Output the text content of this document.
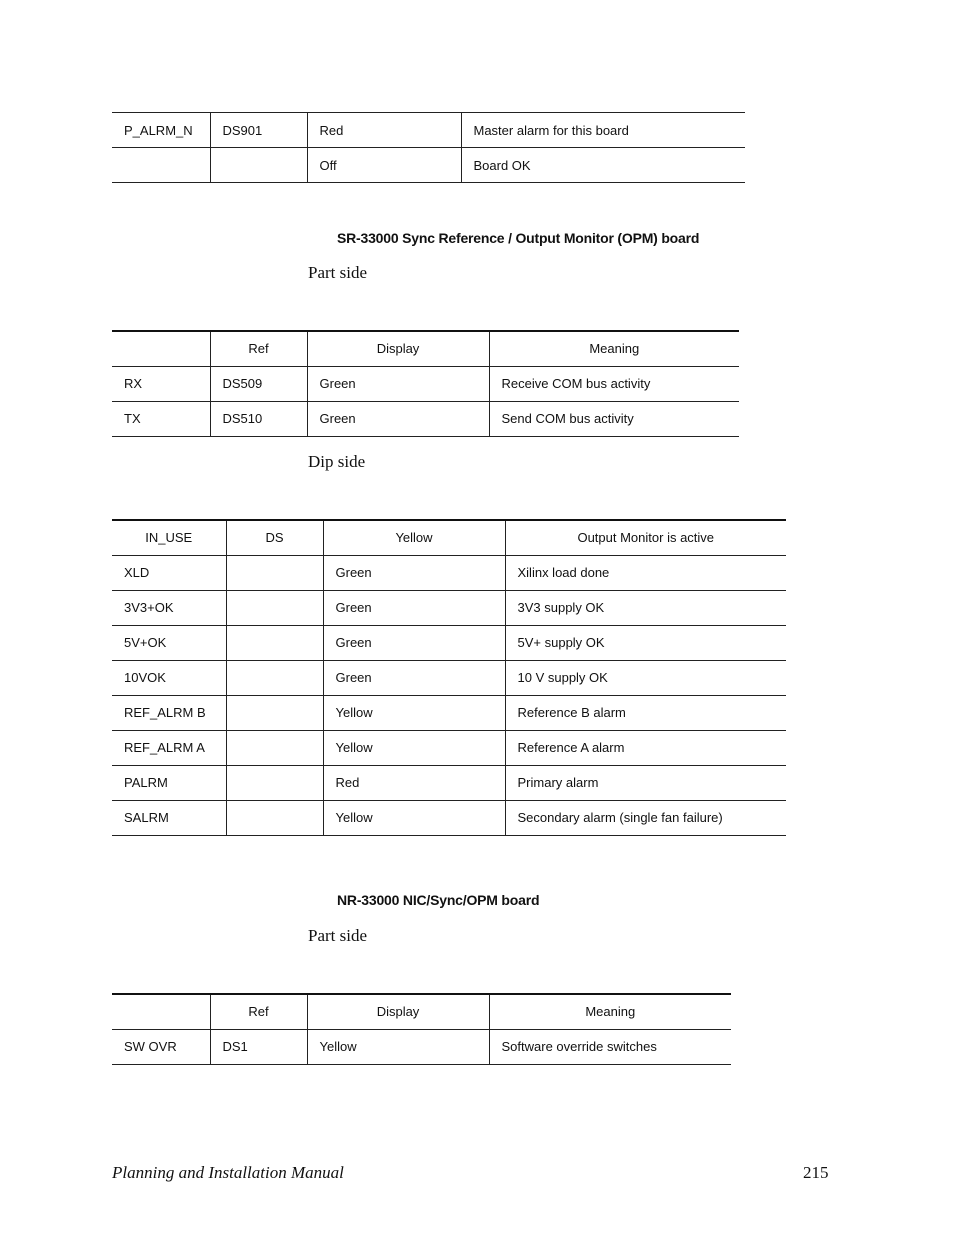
P_ALRM_N	DS901	Red	Master alarm for this board
		Off	Board OK
SR-33000 Sync Reference / Output Monitor (OPM) board
Part side
	Ref	Display	Meaning
RX	DS509	Green	Receive COM bus activity
TX	DS510	Green	Send COM bus activity
Dip side
IN_USE	DS	Yellow	Output Monitor is active
XLD		Green	Xilinx load done
3V3+OK		Green	3V3 supply OK
5V+OK		Green	5V+ supply OK
10VOK		Green	10 V supply OK
REF_ALRM B		Yellow	Reference B alarm
REF_ALRM A		Yellow	Reference A alarm
PALRM		Red	Primary alarm
SALRM		Yellow	Secondary alarm (single fan failure)
NR-33000 NIC/Sync/OPM board
Part side
	Ref	Display	Meaning
SW OVR	DS1	Yellow	Software override switches
Planning and Installation Manual	215
